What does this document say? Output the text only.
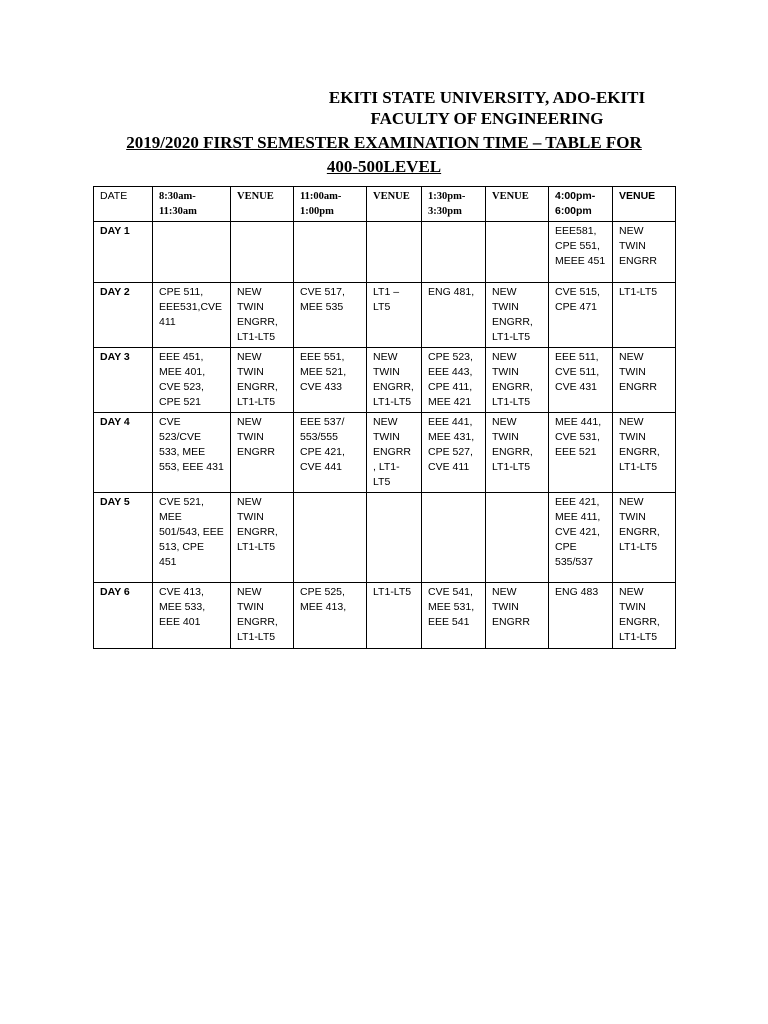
EKITI STATE UNIVERSITY, ADO-EKITI
FACULTY OF ENGINEERING
2019/2020 FIRST SEMESTER EXAMINATION TIME – TABLE FOR
400-500LEVEL
DATE	8:30am-11:30am	VENUE	11:00am-1:00pm	VENUE	1:30pm-3:30pm	VENUE	4:00pm-6:00pm	VENUE
DAY 1							EEE581, CPE 551, MEEE 451	NEW TWIN ENGRR
DAY 2	CPE 511, EEE531,CVE 411	NEW TWIN ENGRR, LT1-LT5	CVE 517, MEE 535	LT1 – LT5	ENG 481,	NEW TWIN ENGRR, LT1-LT5	CVE 515, CPE 471	LT1-LT5
DAY 3	EEE 451, MEE 401, CVE 523, CPE 521	NEW TWIN ENGRR, LT1-LT5	EEE 551, MEE 521, CVE 433	NEW TWIN ENGRR, LT1-LT5	CPE 523, EEE 443, CPE 411, MEE 421	NEW TWIN ENGRR, LT1-LT5	EEE 511, CVE 511, CVE 431	NEW TWIN ENGRR
DAY 4	CVE 523/CVE 533, MEE 553, EEE 431	NEW TWIN ENGRR	EEE 537/ 553/555 CPE 421, CVE 441	NEW TWIN ENGRR , LT1-LT5	EEE 441, MEE 431, CPE 527, CVE 411	NEW TWIN ENGRR, LT1-LT5	MEE 441, CVE 531, EEE 521	NEW TWIN ENGRR, LT1-LT5
DAY 5	CVE 521, MEE 501/543, EEE 513, CPE 451	NEW TWIN ENGRR, LT1-LT5					EEE 421, MEE 411, CVE 421, CPE 535/537	NEW TWIN ENGRR, LT1-LT5
DAY 6	CVE 413, MEE 533, EEE 401	NEW TWIN ENGRR, LT1-LT5	CPE 525, MEE 413,	LT1-LT5	CVE 541, MEE 531, EEE 541	NEW TWIN ENGRR	ENG 483	NEW TWIN ENGRR, LT1-LT5
